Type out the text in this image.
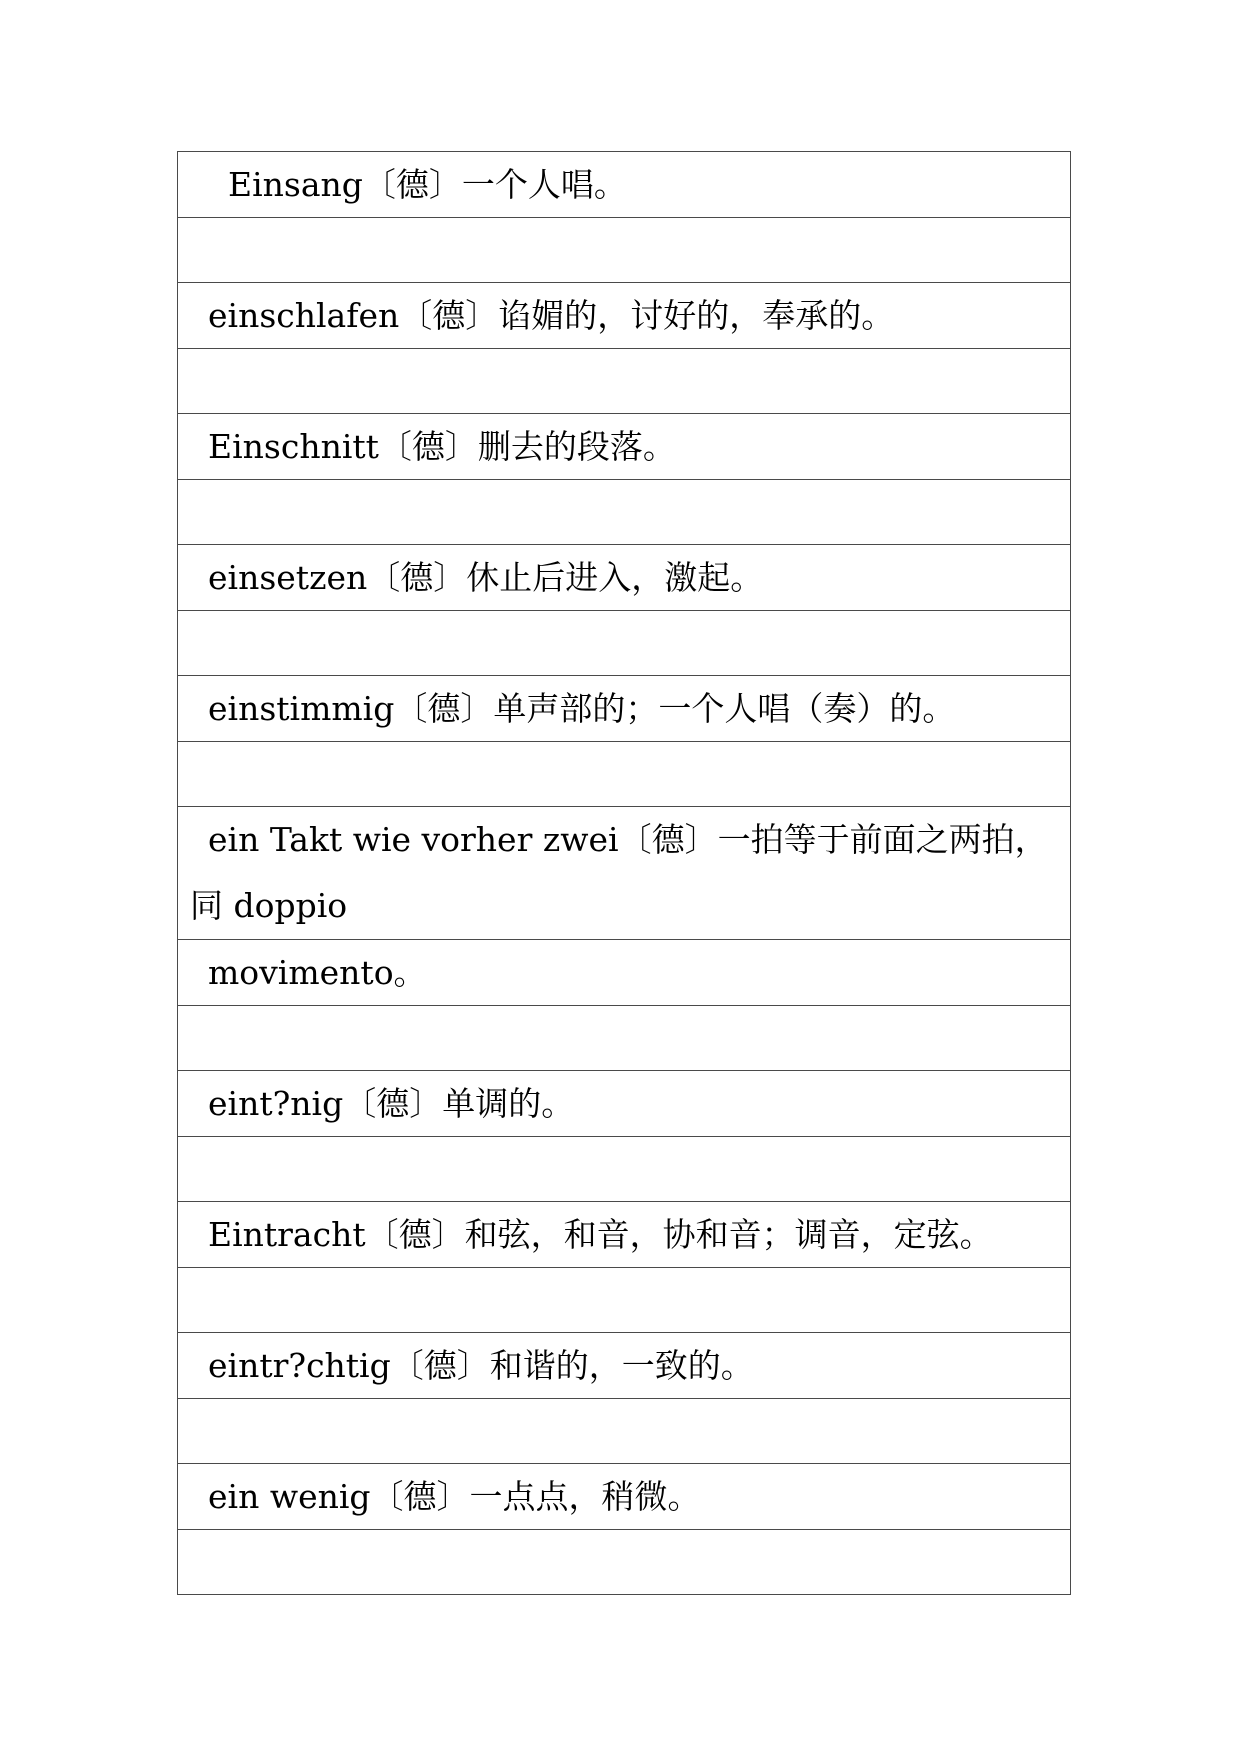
Einsang〔德〕一个人唱。

einschlafen〔德〕谄媚的，讨好的，奉承的。

Einschnitt〔德〕删去的段落。

einsetzen〔德〕休止后进入，激起。

einstimmig〔德〕单声部的；一个人唱（奏）的。

ein Takt wie vorher zwei〔德〕一拍等于前面之两拍，同 doppio
movimento。

eint?nig〔德〕单调的。

Eintracht〔德〕和弦，和音，协和音；调音，定弦。

eintr?chtig〔德〕和谐的，一致的。

ein wenig〔德〕一点点，稍微。
